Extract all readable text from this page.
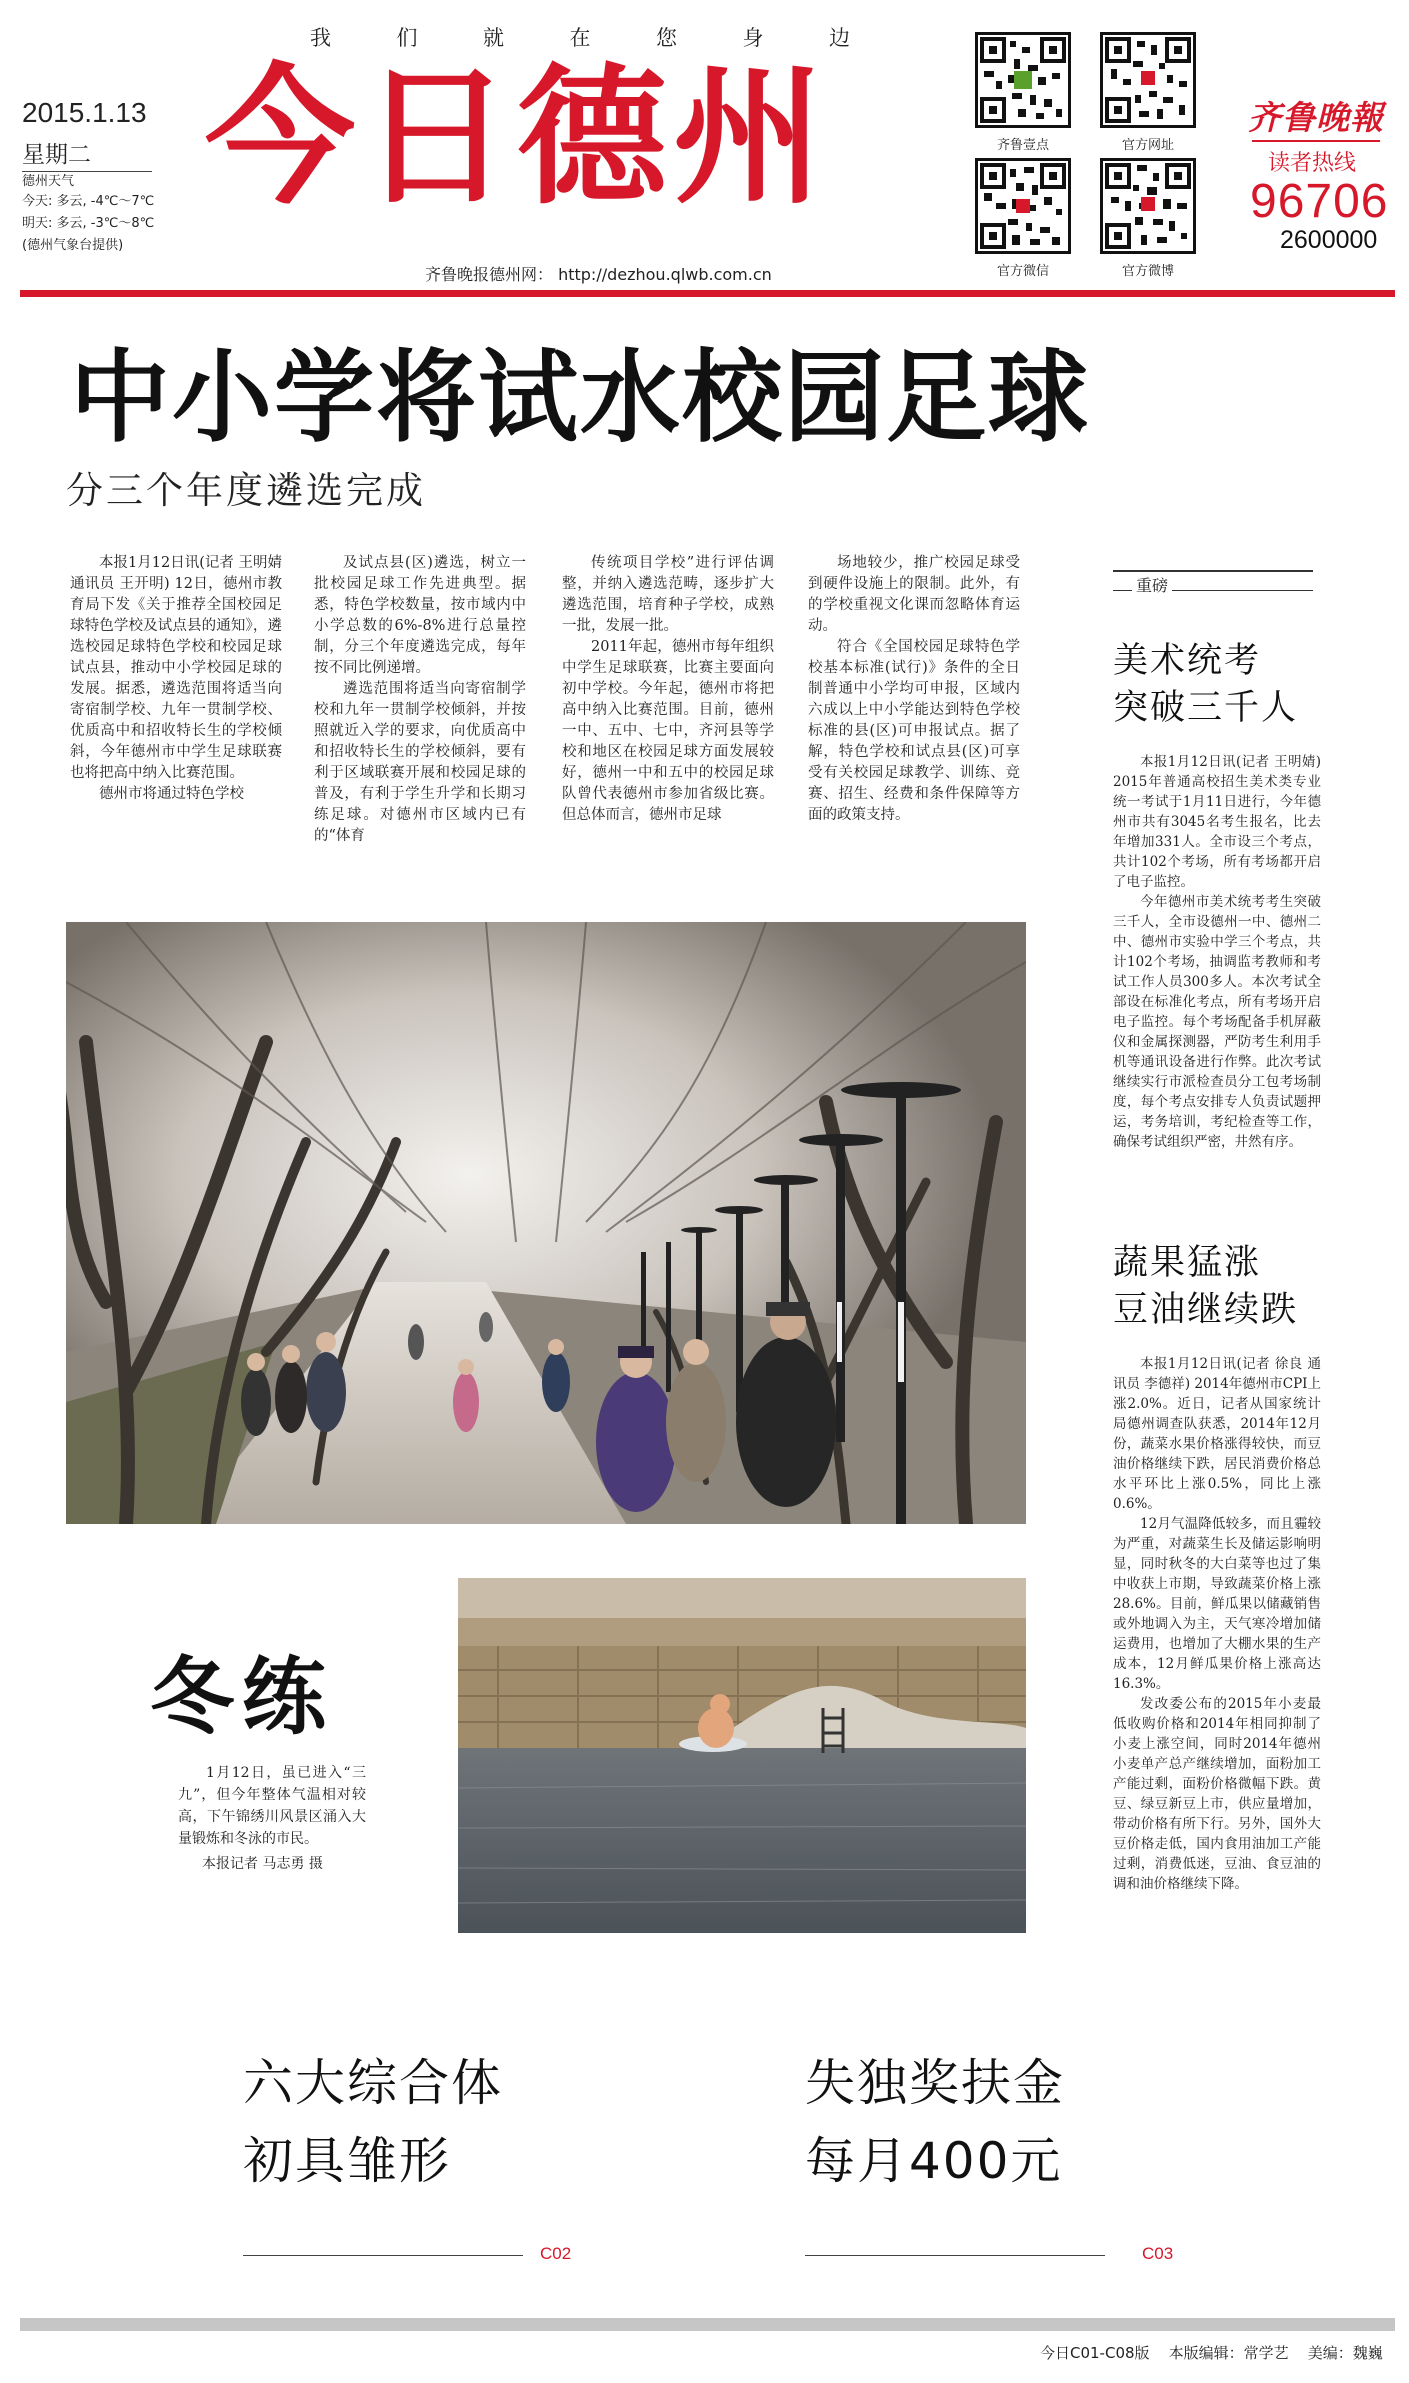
我	们	就	在	您	身	边
2015.1.13
星期二
德州天气
今天: 多云, -4℃～7℃
明天: 多云, -3℃～8℃
(德州气象台提供)
今日德州
齐鲁晚报德州网： http://dezhou.qlwb.com.cn
齐鲁壹点	官方网址
官方微信	官方微博
齐鲁晚報
读者热线
96706
2600000
中小学将试水校园足球
分三个年度遴选完成

本报1月12日讯(记者 王明婧 通讯员 王开明) 12日，德州市教育局下发《关于推荐全国校园足球特色学校及试点县的通知》，遴选校园足球特色学校和校园足球试点县，推动中小学校园足球的发展。据悉，遴选范围将适当向寄宿制学校、九年一贯制学校、优质高中和招收特长生的学校倾斜，今年德州市中学生足球联赛也将把高中纳入比赛范围。

德州市将通过特色学校

及试点县(区)遴选，树立一批校园足球工作先进典型。据悉，特色学校数量，按市域内中小学总数的6%-8%进行总量控制，分三个年度遴选完成，每年按不同比例递增。

遴选范围将适当向寄宿制学校和九年一贯制学校倾斜，并按照就近入学的要求，向优质高中和招收特长生的学校倾斜，要有利于区域联赛开展和校园足球的普及，有利于学生升学和长期习练足球。对德州市区域内已有的“体育

传统项目学校”进行评估调整，并纳入遴选范畴，逐步扩大遴选范围，培育种子学校，成熟一批，发展一批。

2011年起，德州市每年组织中学生足球联赛，比赛主要面向初中学校。今年起，德州市将把高中纳入比赛范围。目前，德州一中、五中、七中，齐河县等学校和地区在校园足球方面发展较好，德州一中和五中的校园足球队曾代表德州市参加省级比赛。但总体而言，德州市足球

场地较少，推广校园足球受到硬件设施上的限制。此外，有的学校重视文化课而忽略体育运动。

符合《全国校园足球特色学校基本标准(试行)》条件的全日制普通中小学均可申报，区域内六成以上中小学能达到特色学校标准的县(区)可申报试点。据了解，特色学校和试点县(区)可享受有关校园足球教学、训练、竞赛、招生、经费和条件保障等方面的政策支持。

重磅
美术统考
突破三千人

本报1月12日讯(记者 王明婧) 2015年普通高校招生美术类专业统一考试于1月11日进行，今年德州市共有3045名考生报名，比去年增加331人。全市设三个考点，共计102个考场，所有考场都开启了电子监控。

今年德州市美术统考考生突破三千人，全市设德州一中、德州二中、德州市实验中学三个考点，共计102个考场，抽调监考教师和考试工作人员300多人。本次考试全部设在标准化考点，所有考场开启电子监控。每个考场配备手机屏蔽仪和金属探测器，严防考生利用手机等通讯设备进行作弊。此次考试继续实行市派检查员分工包考场制度，每个考点安排专人负责试题押运，考务培训，考纪检查等工作，确保考试组织严密，井然有序。

蔬果猛涨
豆油继续跌

本报1月12日讯(记者 徐良 通讯员 李德祥) 2014年德州市CPI上涨2.0%。近日，记者从国家统计局德州调查队获悉，2014年12月份，蔬菜水果价格涨得较快，而豆油价格继续下跌，居民消费价格总水平环比上涨0.5%，同比上涨0.6%。

12月气温降低较多，而且霾较为严重，对蔬菜生长及储运影响明显，同时秋冬的大白菜等也过了集中收获上市期，导致蔬菜价格上涨28.6%。目前，鲜瓜果以储藏销售或外地调入为主，天气寒冷增加储运费用，也增加了大棚水果的生产成本，12月鲜瓜果价格上涨高达16.3%。

发改委公布的2015年小麦最低收购价格和2014年相同抑制了小麦上涨空间，同时2014年德州小麦单产总产继续增加，面粉加工产能过剩，面粉价格微幅下跌。黄豆、绿豆新豆上市，供应量增加，带动价格有所下行。另外，国外大豆价格走低，国内食用油加工产能过剩，消费低迷，豆油、食豆油的调和油价格继续下降。

冬练

1月12日，虽已进入“三九”，但今年整体气温相对较高，下午锦绣川风景区涌入大量锻炼和冬泳的市民。

本报记者 马志勇 摄
六大综合体
初具雏形
C02
失独奖扶金
每月400元
C03
今日C01-C08版 本版编辑：常学艺 美编：魏巍
